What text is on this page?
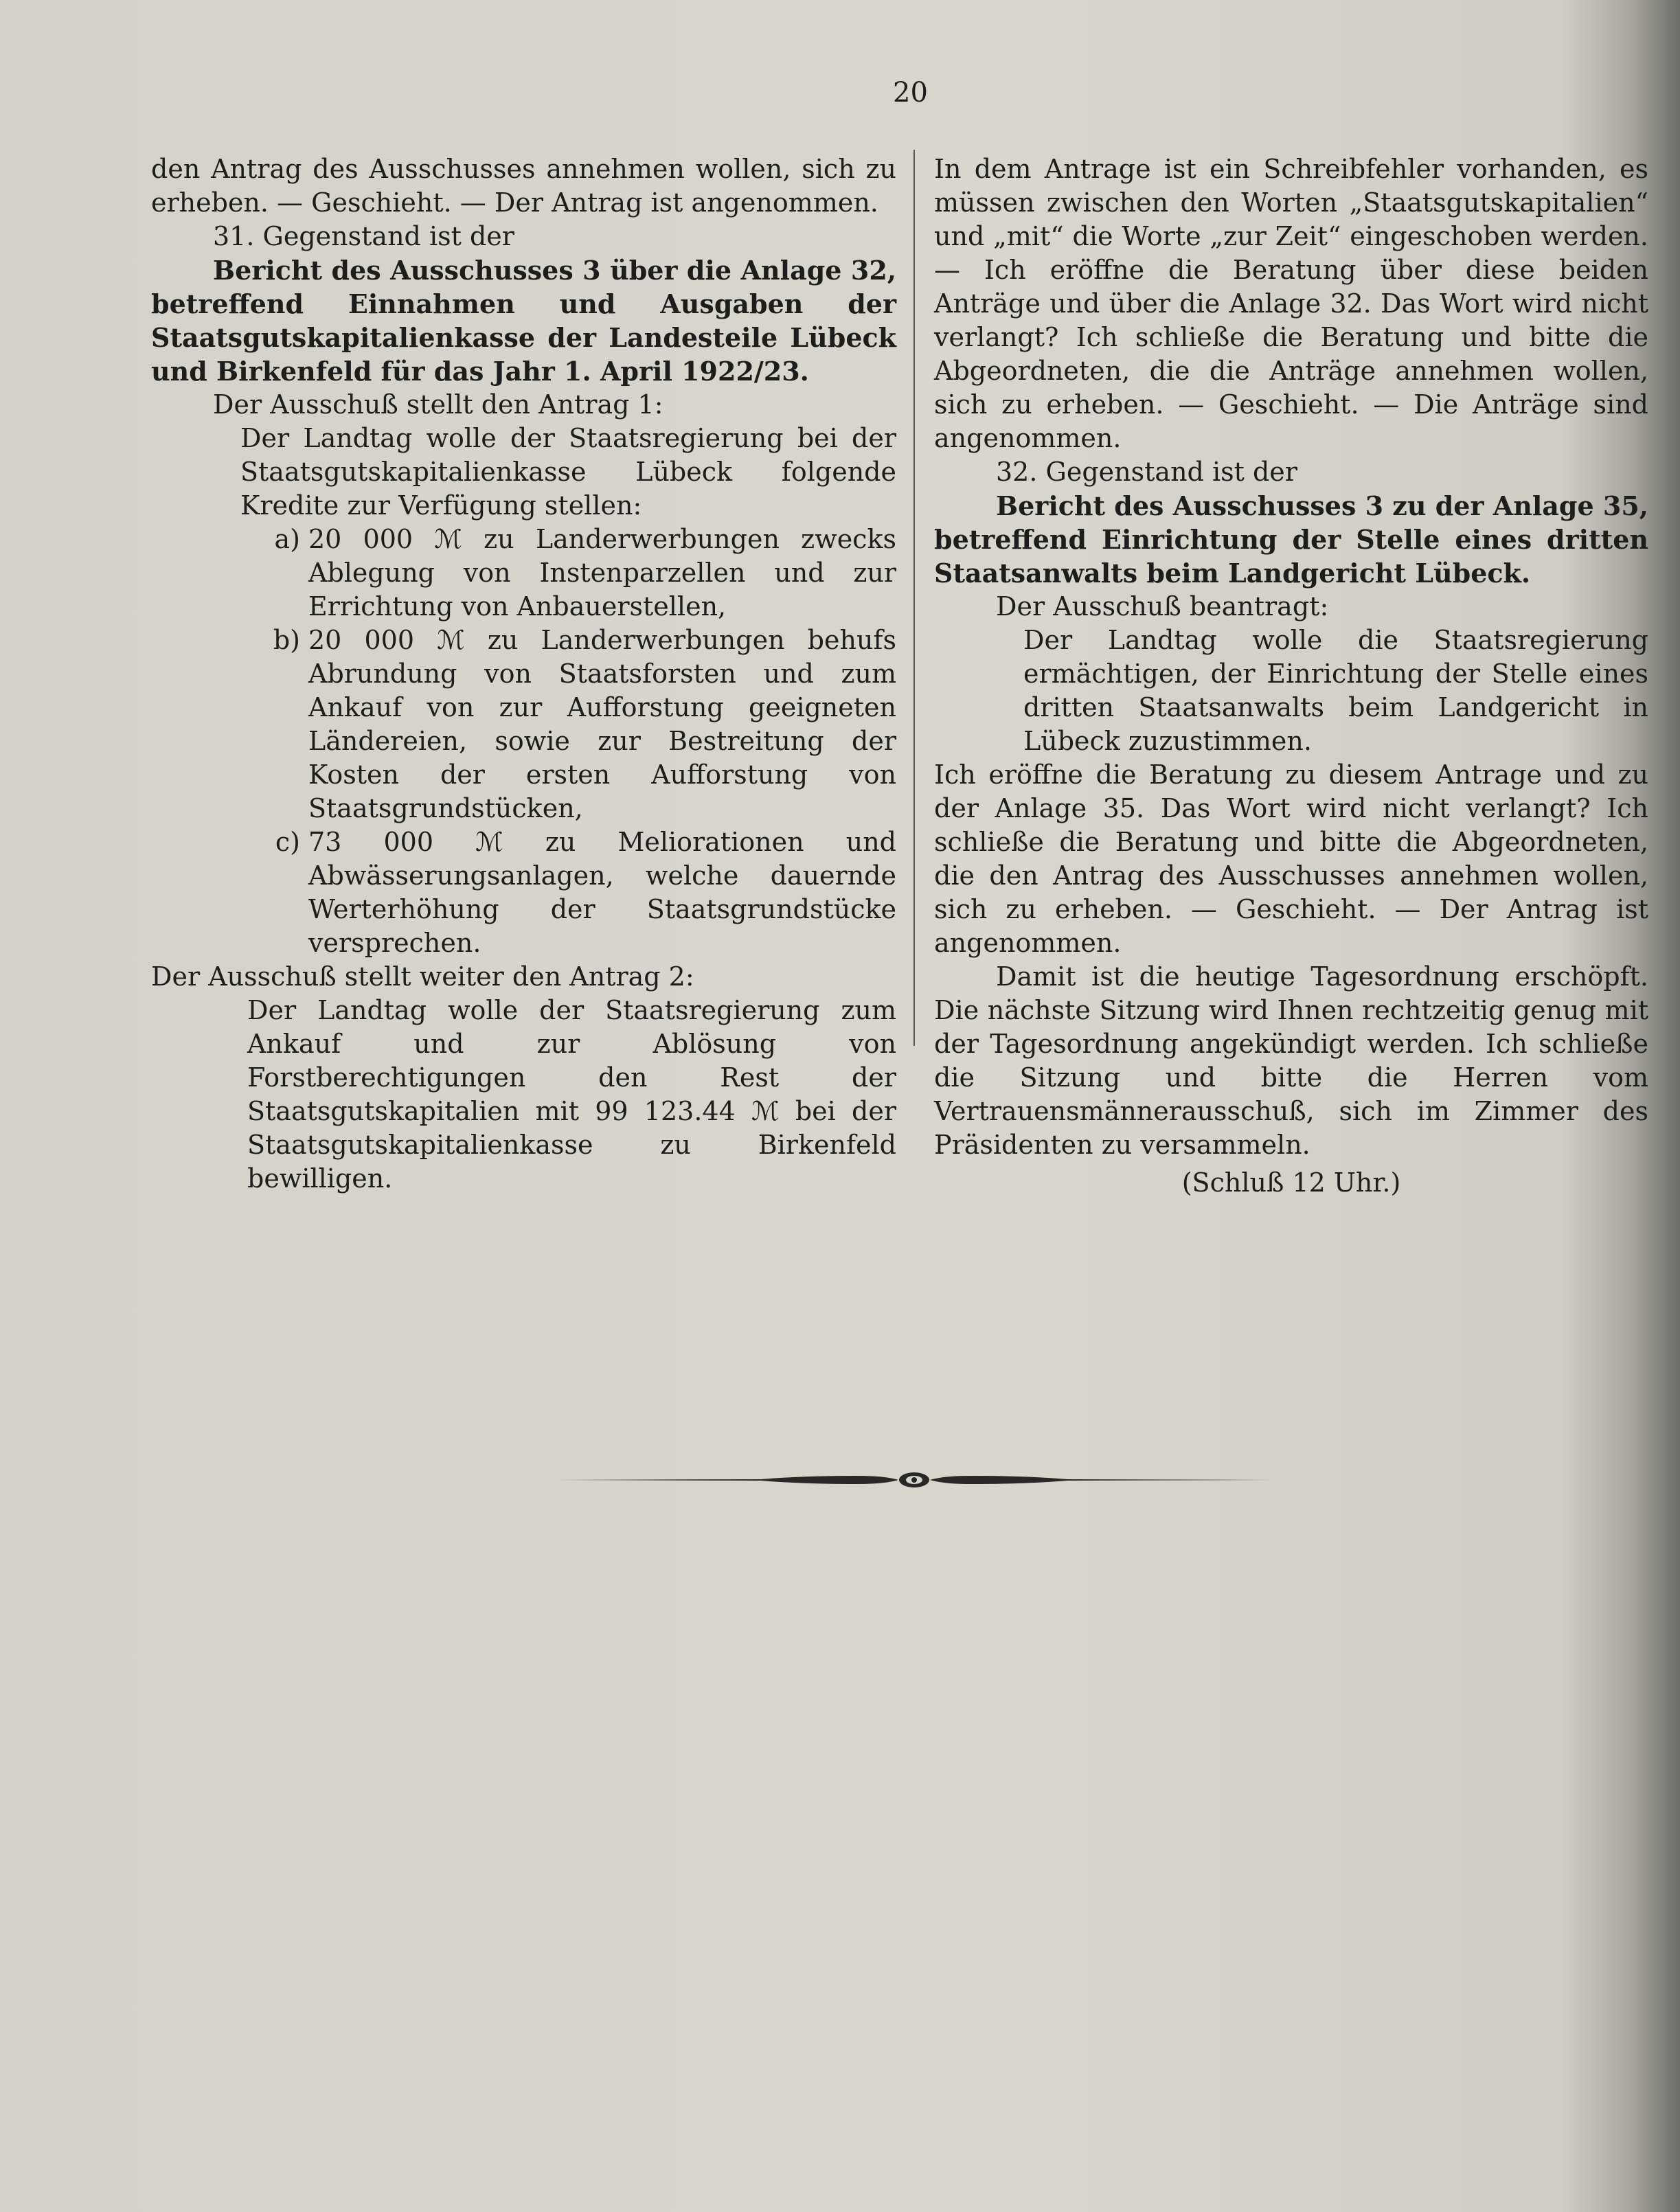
20

den Antrag des Ausschusses annehmen wollen, sich zu erheben. — Geschieht. — Der Antrag ist angenommen.

31. Gegenstand ist der

Bericht des Ausschusses 3 über die Anlage 32, betreffend Einnahmen und Ausgaben der Staatsgutskapitalienkasse der Landesteile Lübeck und Birkenfeld für das Jahr 1. April 1922/23.

Der Ausschuß stellt den Antrag 1:

Der Landtag wolle der Staatsregierung bei der Staatsgutskapitalienkasse Lübeck folgende Kredite zur Verfügung stellen:

a) 20 000 ℳ zu Landerwerbungen zwecks Ablegung von Instenparzellen und zur Errichtung von Anbauerstellen,
b) 20 000 ℳ zu Landerwerbungen behufs Abrundung von Staatsforsten und zum Ankauf von zur Aufforstung geeigneten Ländereien, sowie zur Bestreitung der Kosten der ersten Aufforstung von Staatsgrundstücken,
c) 73 000 ℳ zu Meliorationen und Abwässerungsanlagen, welche dauernde Werterhöhung der Staatsgrundstücke versprechen.

Der Ausschuß stellt weiter den Antrag 2:

Der Landtag wolle der Staatsregierung zum Ankauf und zur Ablösung von Forstberechtigungen den Rest der Staatsgutskapitalien mit 99 123.44 ℳ bei der Staatsgutskapitalienkasse zu Birkenfeld bewilligen.

In dem Antrage ist ein Schreibfehler vorhanden, es müssen zwischen den Worten „Staatsgutskapitalien“ und „mit“ die Worte „zur Zeit“ eingeschoben werden. — Ich eröffne die Beratung über diese beiden Anträge und über die Anlage 32. Das Wort wird nicht verlangt? Ich schließe die Beratung und bitte die Abgeordneten, die die Anträge annehmen wollen, sich zu erheben. — Geschieht. — Die Anträge sind angenommen.

32. Gegenstand ist der

Bericht des Ausschusses 3 zu der Anlage 35, betreffend Einrichtung der Stelle eines dritten Staatsanwalts beim Landgericht Lübeck.

Der Ausschuß beantragt:

Der Landtag wolle die Staatsregierung ermächtigen, der Einrichtung der Stelle eines dritten Staatsanwalts beim Landgericht in Lübeck zuzustimmen.

Ich eröffne die Beratung zu diesem Antrage und zu der Anlage 35. Das Wort wird nicht verlangt? Ich schließe die Beratung und bitte die Abgeordneten, die den Antrag des Ausschusses annehmen wollen, sich zu erheben. — Geschieht. — Der Antrag ist angenommen.

Damit ist die heutige Tagesordnung erschöpft. Die nächste Sitzung wird Ihnen rechtzeitig genug mit der Tagesordnung angekündigt werden. Ich schließe die Sitzung und bitte die Herren vom Vertrauensmännerausschuß, sich im Zimmer des Präsidenten zu versammeln.

(Schluß 12 Uhr.)
